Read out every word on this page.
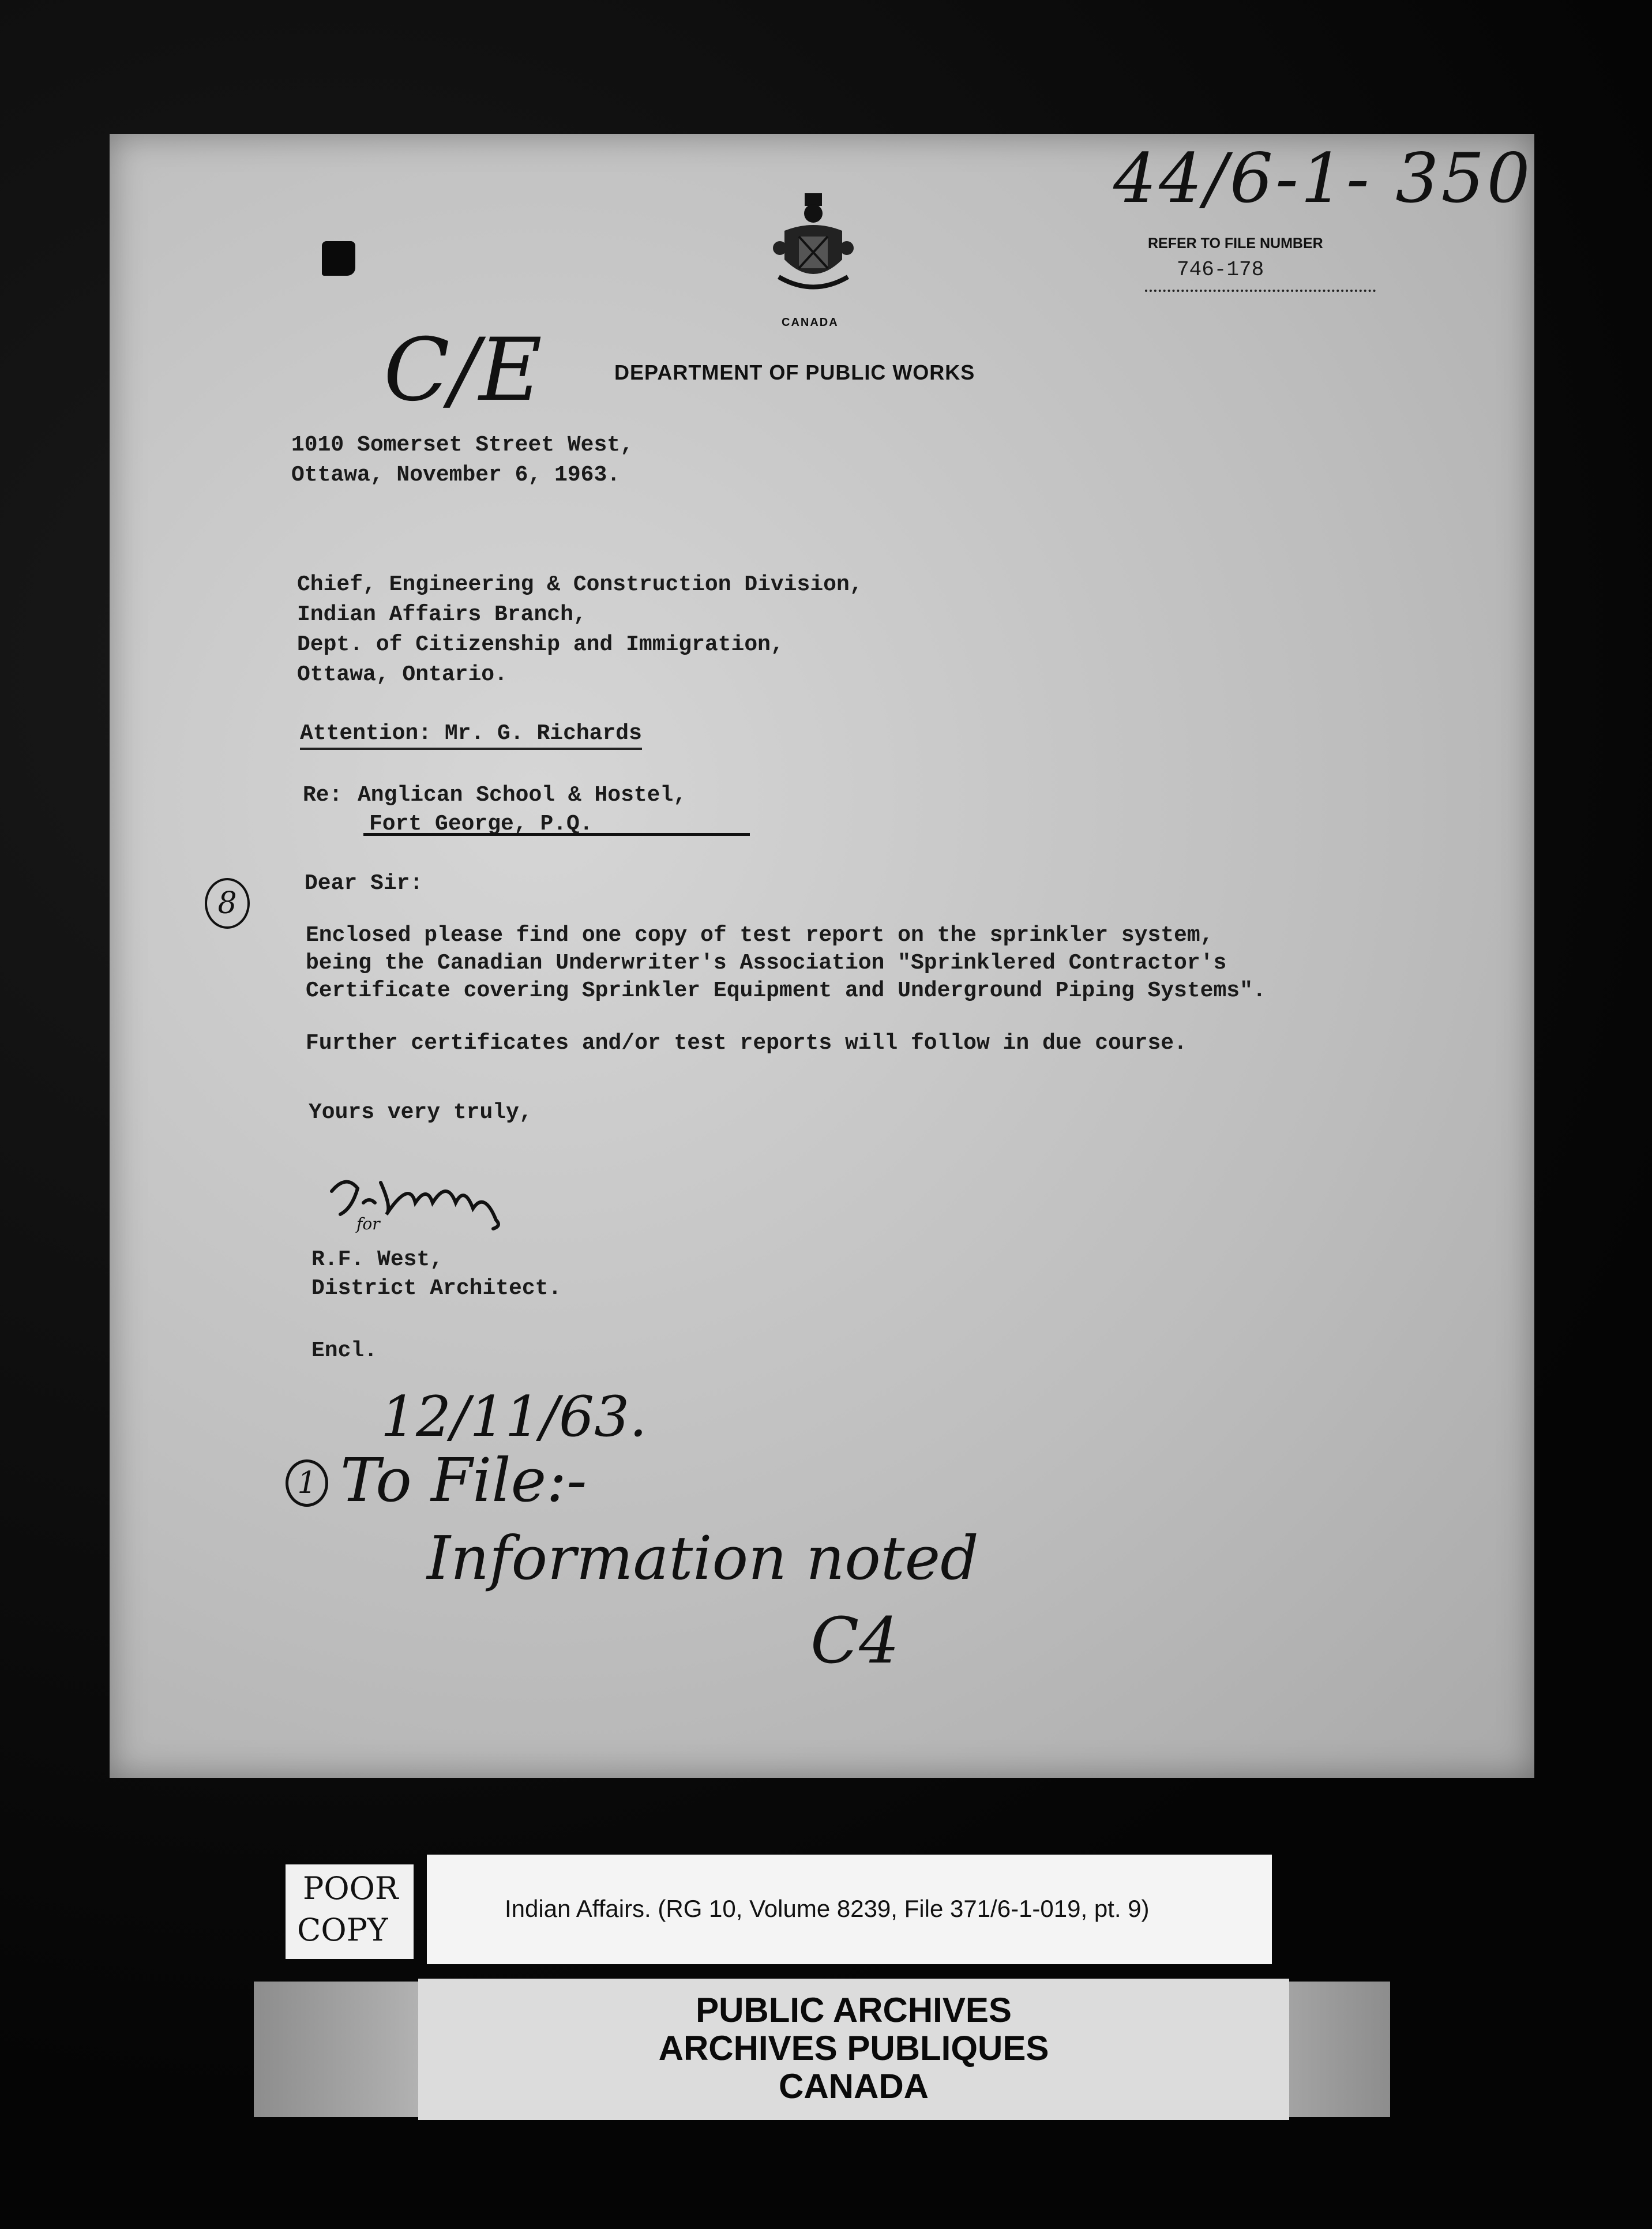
44/6-1- 350
CANADA
REFER TO FILE NUMBER
746-178
DEPARTMENT OF PUBLIC WORKS
C/E
1010 Somerset Street West,
Ottawa, November 6, 1963.
Chief, Engineering & Construction Division,
Indian Affairs Branch,
Dept. of Citizenship and Immigration,
Ottawa, Ontario.
Attention: Mr. G. Richards
Re: Anglican School & Hostel,
Fort George, P.Q.
8
Dear Sir:
Enclosed please find one copy of test report on the sprinkler system,
being the Canadian Underwriter's Association "Sprinklered Contractor's
Certificate covering Sprinkler Equipment and Underground Piping Systems".
Further certificates and/or test reports will follow in due course.
Yours very truly,
for
R.F. West,
District Architect.
Encl.
12/11/63.
1 To File:-
Information noted
C4
POOR
COPY
Indian Affairs. (RG 10, Volume 8239, File 371/6-1-019, pt. 9)
PUBLIC ARCHIVES
ARCHIVES PUBLIQUES
CANADA
